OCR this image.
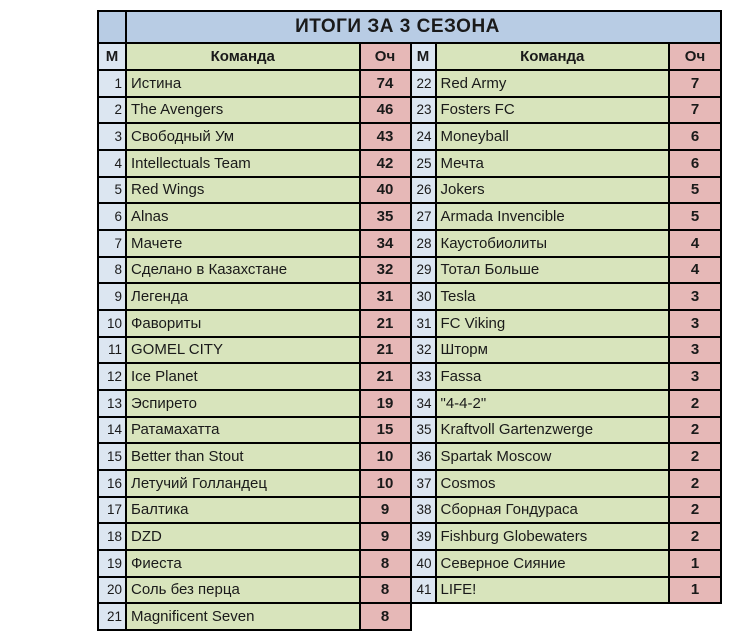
ИТОГИ ЗА 3 СЕЗОНА
М	Команда	Оч	М	Команда	Оч
1 Истина	74	22 Red Army	7
2 The Avengers	46	23 Fosters FC	7
3 Свободный Ум	43	24 Moneyball	6
4 Intellectuals Team	42	25 Мечта	6
5 Red Wings	40	26 Jokers	5
6 Alnas	35	27 Armada Invencible	5
7 Мачете	34	28 Каустобиолиты	4
8 Сделано в Казахстане	32	29 Тотал Больше	4
9 Легенда	31	30 Tesla	3
10 Фавориты	21	31 FC Viking	3
11 GOMEL CITY	21	32 Шторм	3
12 Ice Planet	21	33 Fassa	3
13 Эспирето	19	34 "4-4-2"	2
14 Ратамахатта	15	35 Kraftvoll Gartenzwerge	2
15 Better than Stout	10	36 Spartak Moscow	2
16 Летучий Голландец	10	37 Cosmos	2
17 Балтика	9	38 Сборная Гондураса	2
18 DZD	9	39 Fishburg Globewaters	2
19 Фиеста	8	40 Северное Сияние	1
20 Соль без перца	8	41 LIFE!	1
21 Magnificent Seven	8
